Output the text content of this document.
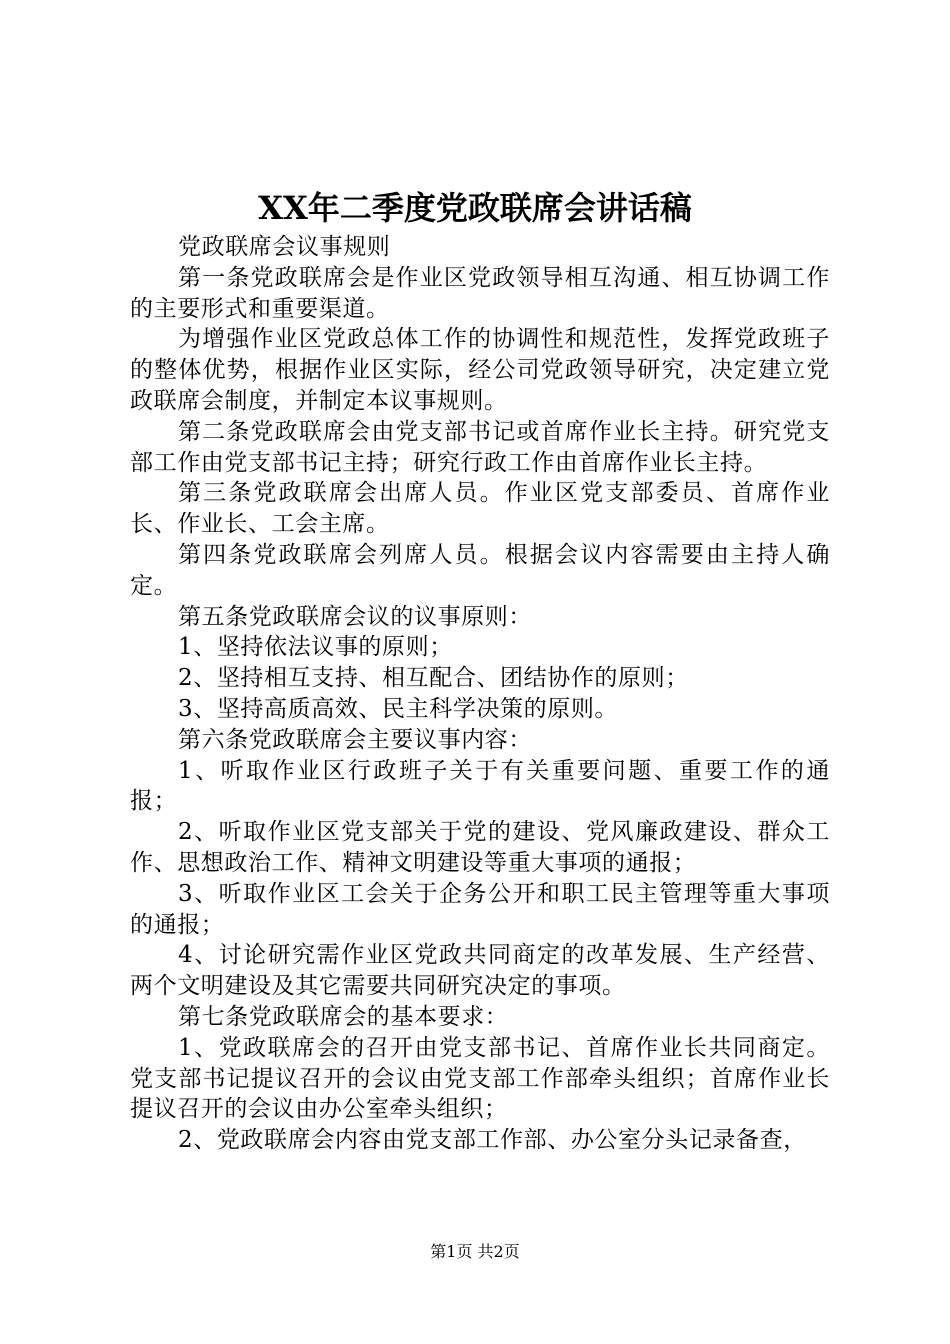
XX年二季度党政联席会讲话稿

党政联席会议事规则

第一条党政联席会是作业区党政领导相互沟通、相互协调工作的主要形式和重要渠道。

为增强作业区党政总体工作的协调性和规范性，发挥党政班子的整体优势，根据作业区实际，经公司党政领导研究，决定建立党政联席会制度，并制定本议事规则。

第二条党政联席会由党支部书记或首席作业长主持。研究党支部工作由党支部书记主持；研究行政工作由首席作业长主持。

第三条党政联席会出席人员。作业区党支部委员、首席作业长、作业长、工会主席。

第四条党政联席会列席人员。根据会议内容需要由主持人确定。

第五条党政联席会议的议事原则：

1、坚持依法议事的原则；

2、坚持相互支持、相互配合、团结协作的原则；

3、坚持高质高效、民主科学决策的原则。

第六条党政联席会主要议事内容：

1、听取作业区行政班子关于有关重要问题、重要工作的通报；

2、听取作业区党支部关于党的建设、党风廉政建设、群众工作、思想政治工作、精神文明建设等重大事项的通报；

3、听取作业区工会关于企务公开和职工民主管理等重大事项的通报；

4、讨论研究需作业区党政共同商定的改革发展、生产经营、两个文明建设及其它需要共同研究决定的事项。

第七条党政联席会的基本要求：

1、党政联席会的召开由党支部书记、首席作业长共同商定。党支部书记提议召开的会议由党支部工作部牵头组织；首席作业长提议召开的会议由办公室牵头组织；

2、党政联席会内容由党支部工作部、办公室分头记录备查，

第1页 共2页
